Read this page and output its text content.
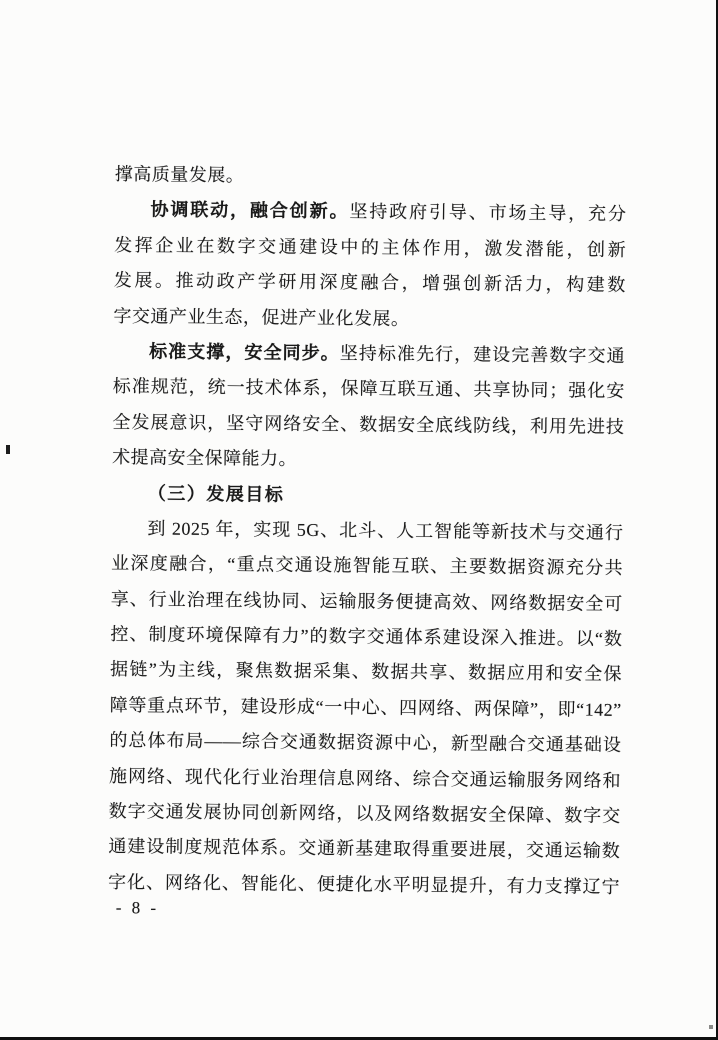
撑高质量发展。
协调联动，融合创新。坚持政府引导、市场主导，充分
发挥企业在数字交通建设中的主体作用，激发潜能，创新
发展。推动政产学研用深度融合，增强创新活力，构建数
字交通产业生态，促进产业化发展。
标准支撑，安全同步。坚持标准先行，建设完善数字交通
标准规范，统一技术体系，保障互联互通、共享协同；强化安
全发展意识，坚守网络安全、数据安全底线防线，利用先进技
术提高安全保障能力。
（三）发展目标
到 2025 年，实现 5G、北斗、人工智能等新技术与交通行
业深度融合，“重点交通设施智能互联、主要数据资源充分共
享、行业治理在线协同、运输服务便捷高效、网络数据安全可
控、制度环境保障有力”的数字交通体系建设深入推进。以“数
据链”为主线，聚焦数据采集、数据共享、数据应用和安全保
障等重点环节，建设形成“一中心、四网络、两保障”，即“142”
的总体布局——综合交通数据资源中心，新型融合交通基础设
施网络、现代化行业治理信息网络、综合交通运输服务网络和
数字交通发展协同创新网络，以及网络数据安全保障、数字交
通建设制度规范体系。交通新基建取得重要进展，交通运输数
字化、网络化、智能化、便捷化水平明显提升，有力支撑辽宁
- 8 -
